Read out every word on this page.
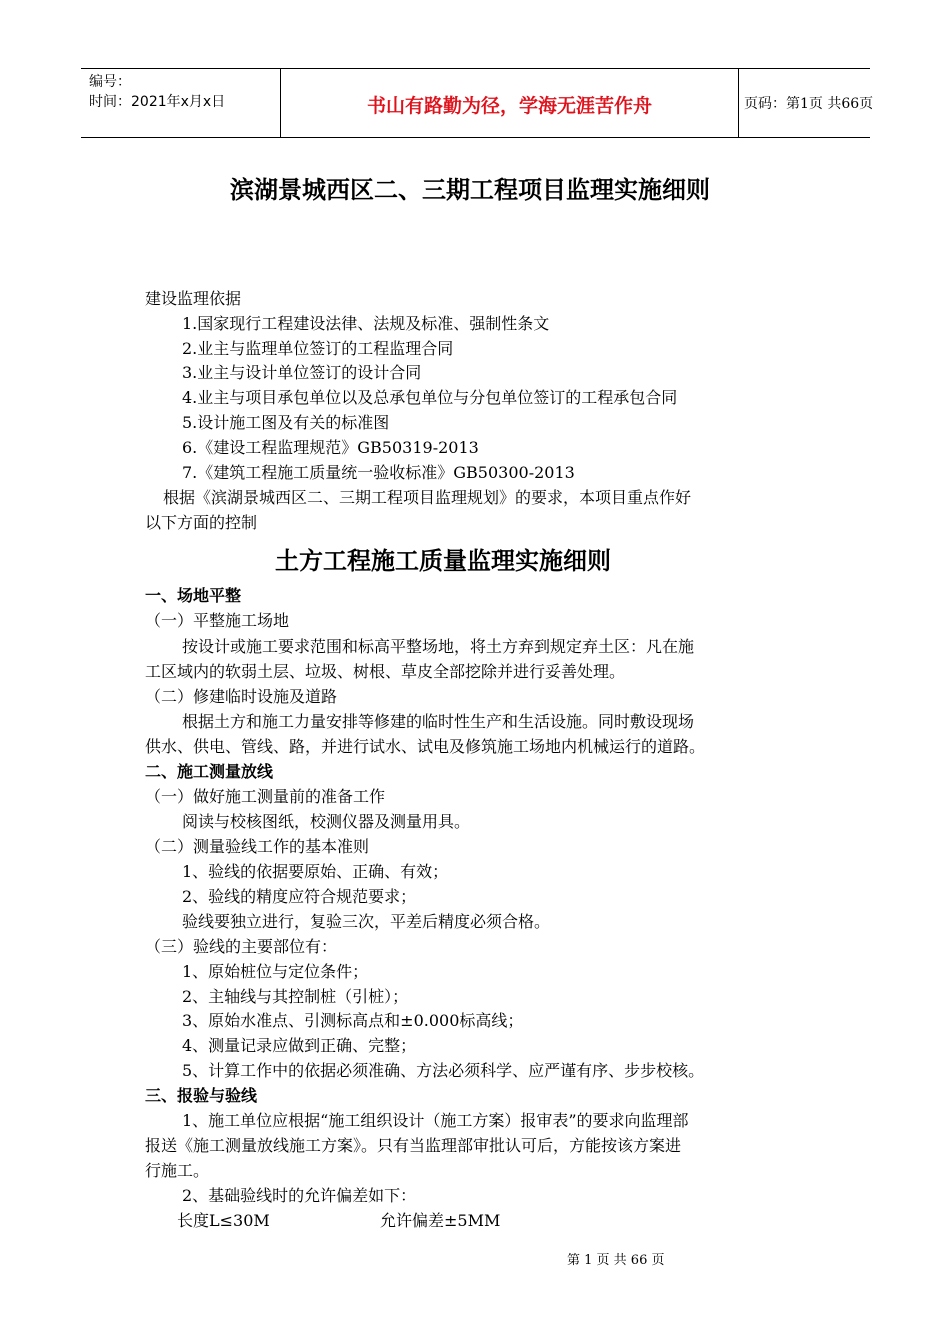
编号：
时间：2021年x月x日	书山有路勤为径，学海无涯苦作舟	页码：第1页 共66页
滨湖景城西区二、三期工程项目监理实施细则
建设监理依据
1.国家现行工程建设法律、法规及标准、强制性条文
2.业主与监理单位签订的工程监理合同
3.业主与设计单位签订的设计合同
4.业主与项目承包单位以及总承包单位与分包单位签订的工程承包合同
5.设计施工图及有关的标准图
6.《建设工程监理规范》GB50319-2013
7.《建筑工程施工质量统一验收标准》GB50300-2013
根据《滨湖景城西区二、三期工程项目监理规划》的要求，本项目重点作好
以下方面的控制
土方工程施工质量监理实施细则
一、场地平整
（一）平整施工场地
按设计或施工要求范围和标高平整场地，将土方弃到规定弃土区：凡在施
工区域内的软弱土层、垃圾、树根、草皮全部挖除并进行妥善处理。
（二）修建临时设施及道路
根据土方和施工力量安排等修建的临时性生产和生活设施。同时敷设现场
供水、供电、管线、路，并进行试水、试电及修筑施工场地内机械运行的道路。
二、施工测量放线
（一）做好施工测量前的准备工作
阅读与校核图纸，校测仪器及测量用具。
（二）测量验线工作的基本准则
1、验线的依据要原始、正确、有效；
2、验线的精度应符合规范要求；
验线要独立进行，复验三次，平差后精度必须合格。
（三）验线的主要部位有：
1、原始桩位与定位条件；
2、主轴线与其控制桩（引桩）；
3、原始水准点、引测标高点和±0.000标高线；
4、测量记录应做到正确、完整；
5、计算工作中的依据必须准确、方法必须科学、应严谨有序、步步校核。
三、报验与验线
1、施工单位应根据“施工组织设计（施工方案）报审表”的要求向监理部
报送《施工测量放线施工方案》。只有当监理部审批认可后，方能按该方案进
行施工。
2、基础验线时的允许偏差如下：
长度L≤30M	允许偏差±5MM
第 1 页 共 66 页
